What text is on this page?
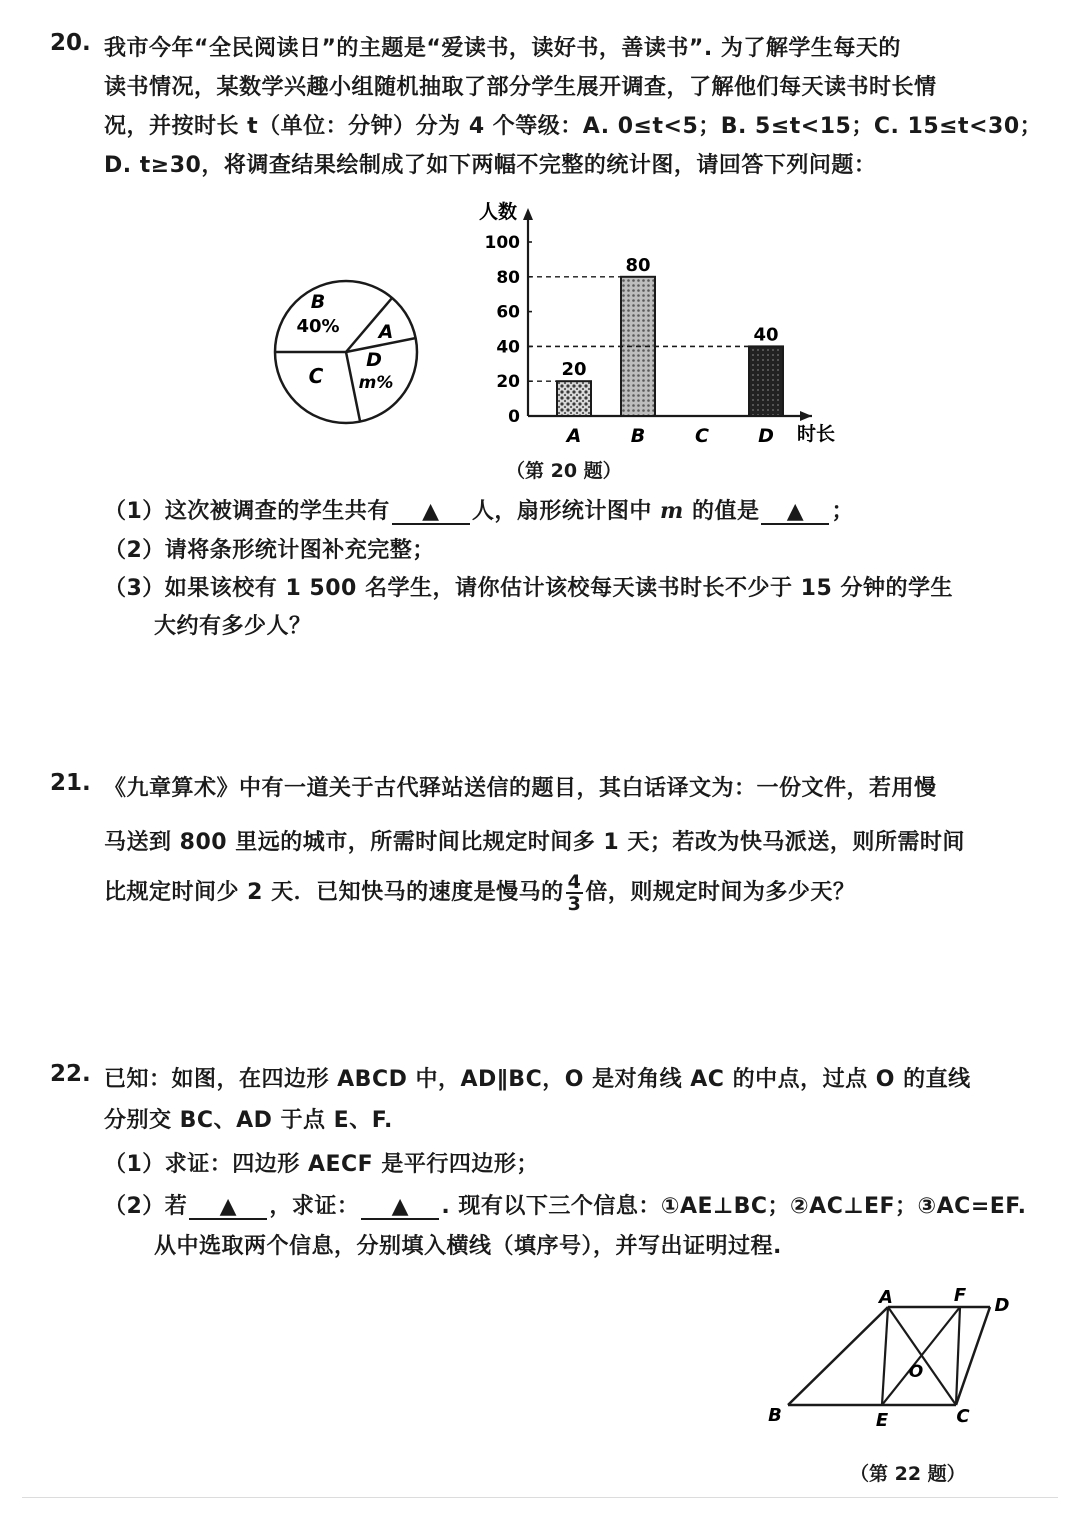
20. 我市今年“全民阅读日”的主题是“爱读书，读好书，善读书”. 为了解学生每天的
读书情况，某数学兴趣小组随机抽取了部分学生展开调查，了解他们每天读书时长情
况，并按时长 t（单位：分钟）分为 4 个等级：A. 0≤t<5；B. 5≤t<15；C. 15≤t<30；
D. t≥30，将调查结果绘制成了如下两幅不完整的统计图，请回答下列问题：
B
40% A
C
D
m%
0
20
40
60
80
100
A	B	C	D
20
80
40
人数
时长
（第 20 题）
（1）这次被调查的学生共有 ▲ 人，扇形统计图中 m 的值是 ▲ ；
（2）请将条形统计图补充完整；
（3）如果该校有 1 500 名学生，请你估计该校每天读书时长不少于 15 分钟的学生
大约有多少人？
21. 《九章算术》中有一道关于古代驿站送信的题目，其白话译文为：一份文件，若用慢
马送到 800 里远的城市，所需时间比规定时间多 1 天；若改为快马派送，则所需时间
比规定时间少 2 天．已知快马的速度是慢马的 $\frac{4}{3}$ 倍，则规定时间为多少天？
22. 已知：如图，在四边形 ABCD 中，AD∥BC，O 是对角线 AC 的中点，过点 O 的直线
分别交 BC、AD 于点 E、F.
（1）求证：四边形 AECF 是平行四边形；
（2）若 ▲ ，求证： ▲ . 现有以下三个信息：①AE⊥BC；②AC⊥EF；③AC=EF.
从中选取两个信息，分别填入横线（填序号），并写出证明过程.
A	F D
B	E	C
O
（第 22 题）
